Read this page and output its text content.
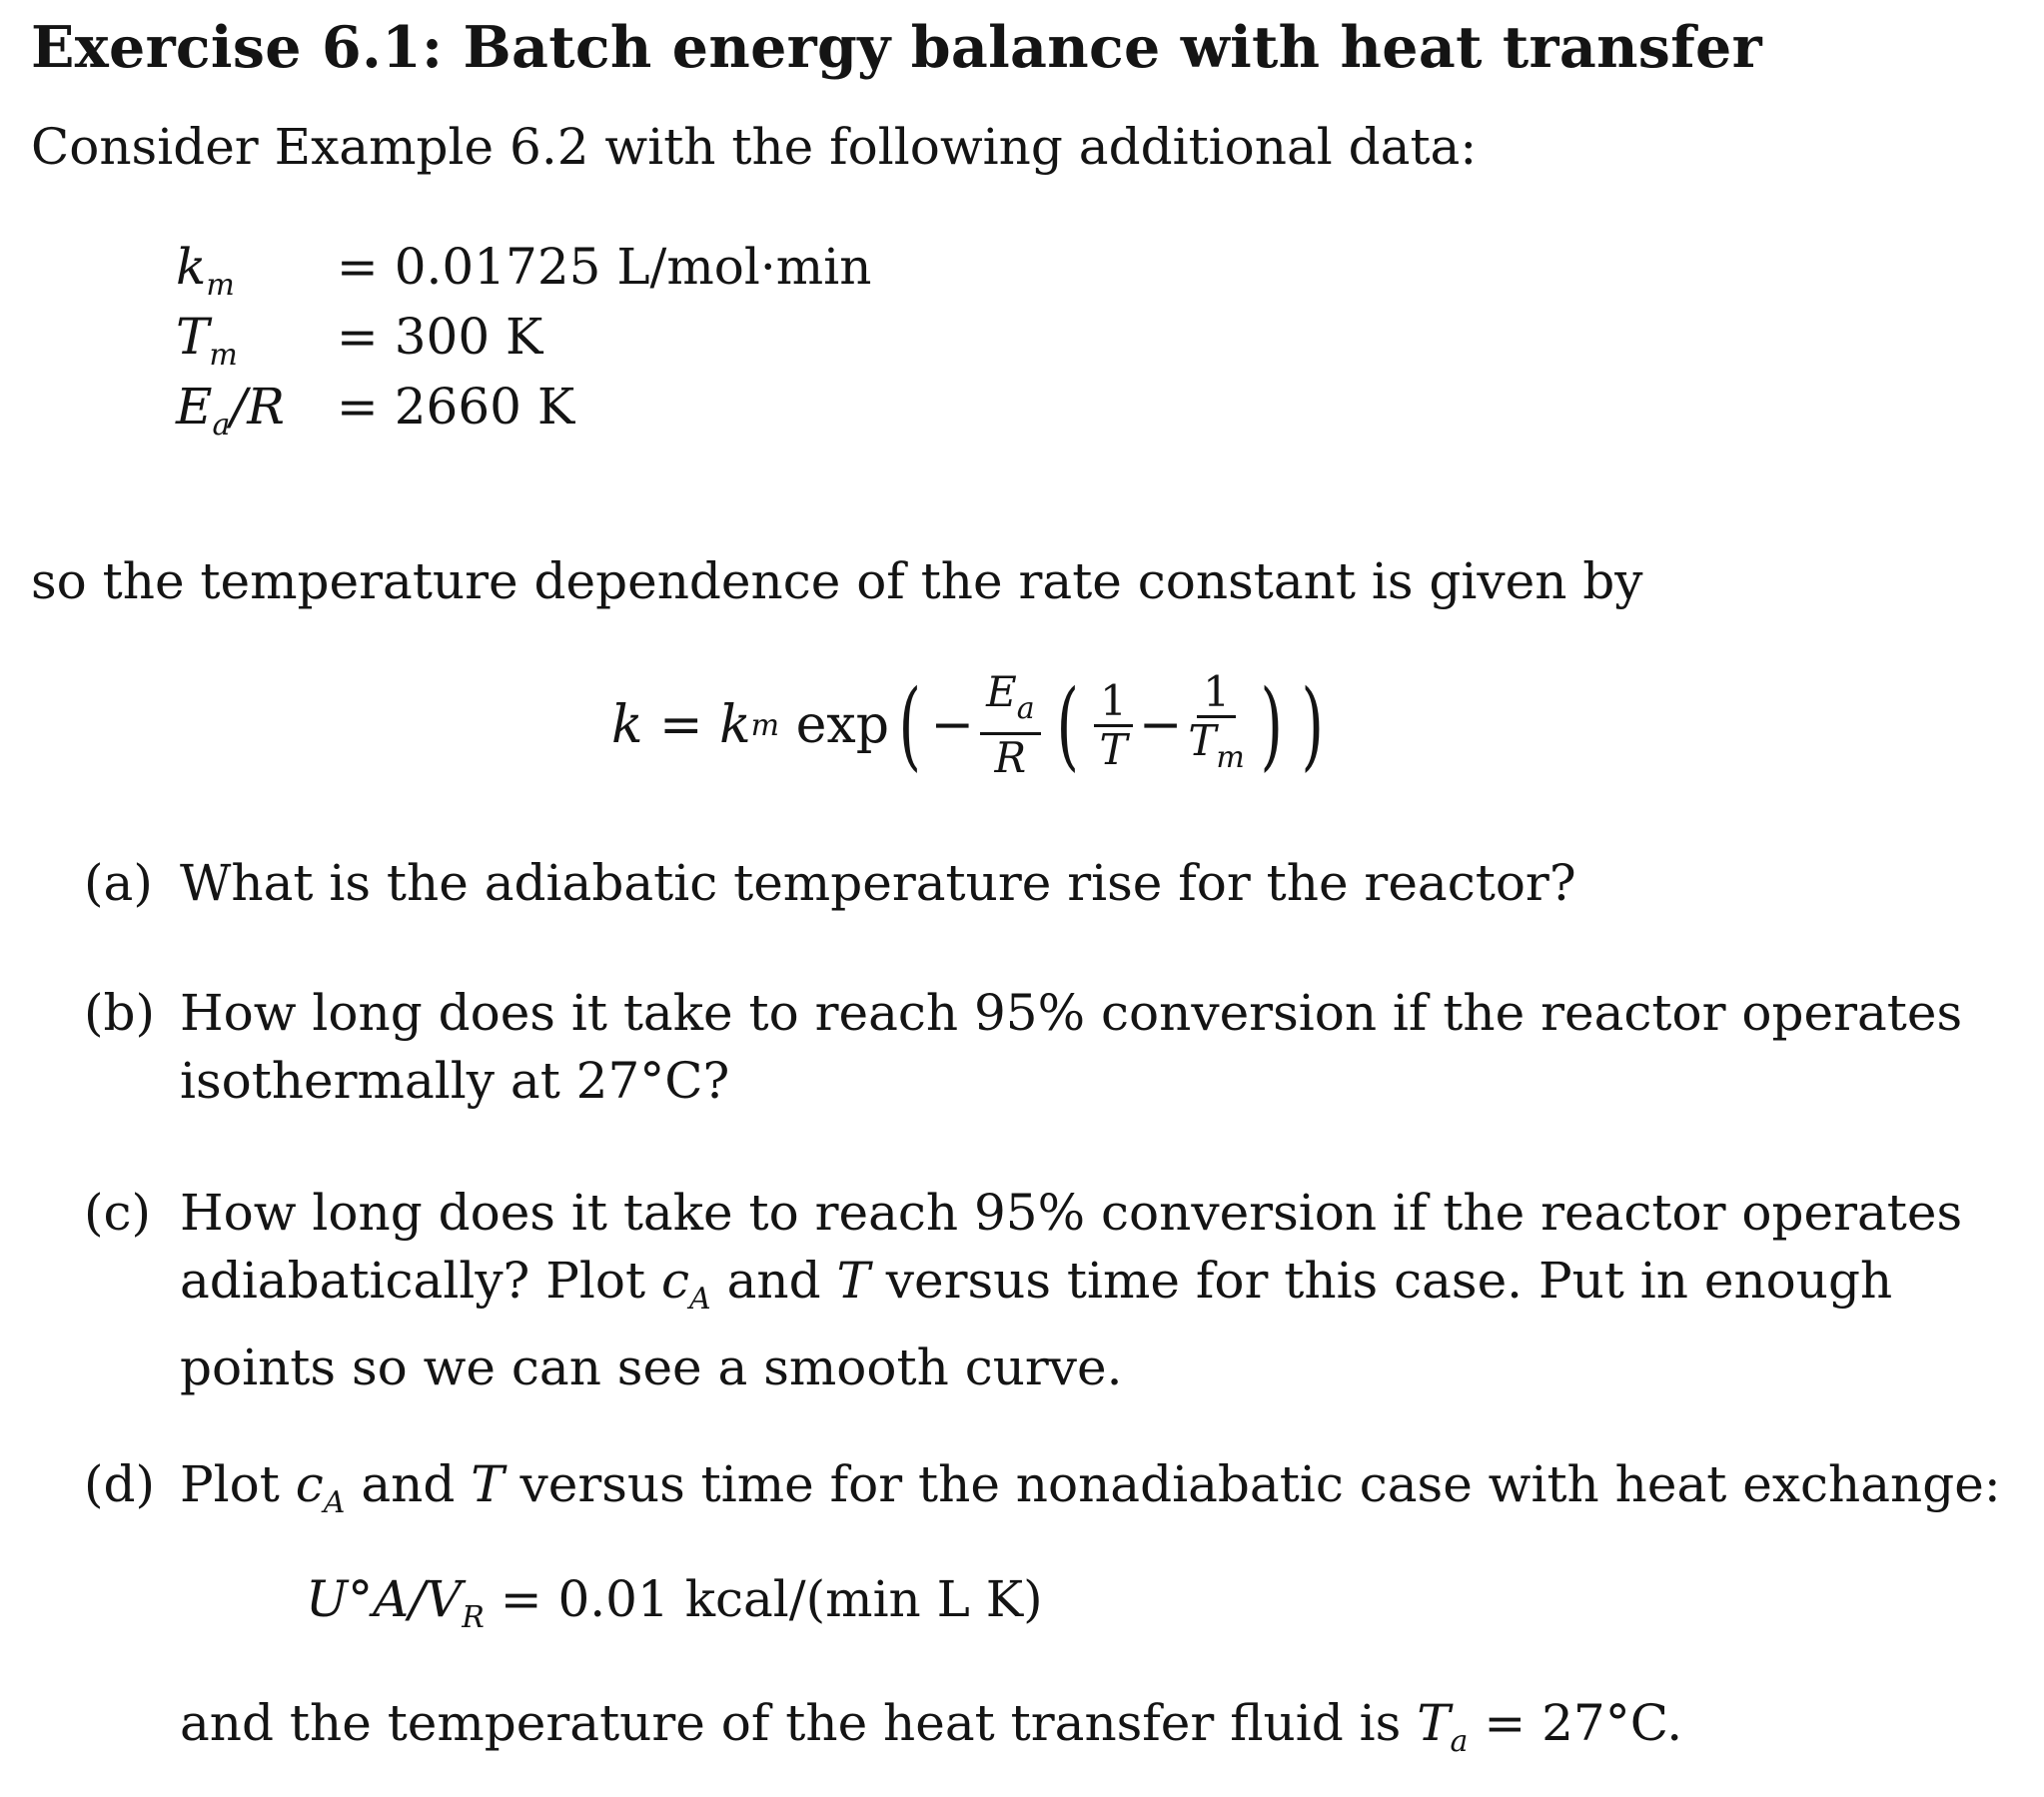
Exercise 6.1: Batch energy balance with heat transfer
Consider Example 6.2 with the following additional data:
$k_m = 0.01725$ L/mol·min
$T_m = 300$ K
$E_a/R = 2660$ K
so the temperature dependence of the rate constant is given by
k
=
k m
exp ( − $\frac{E_a}{R}$ ( $\frac{1}{T} - \frac{1}{T_m}$ ) )
(a) What is the adiabatic temperature rise for the reactor?
(b) How long does it take to reach 95% conversion if the reactor operates isothermally at 27°C?
(c) How long does it take to reach 95% conversion if the reactor operates adiabatically? Plot $c_A$ and T versus time for this case. Put in enough points so we can see a smooth curve.
(d) Plot $c_A$ and T versus time for the nonadiabatic case with heat exchange:
$U^\circ A/V_R = 0.01$ kcal/(min L K)
and the temperature of the heat transfer fluid is $T_a = 27^\circ C$.
